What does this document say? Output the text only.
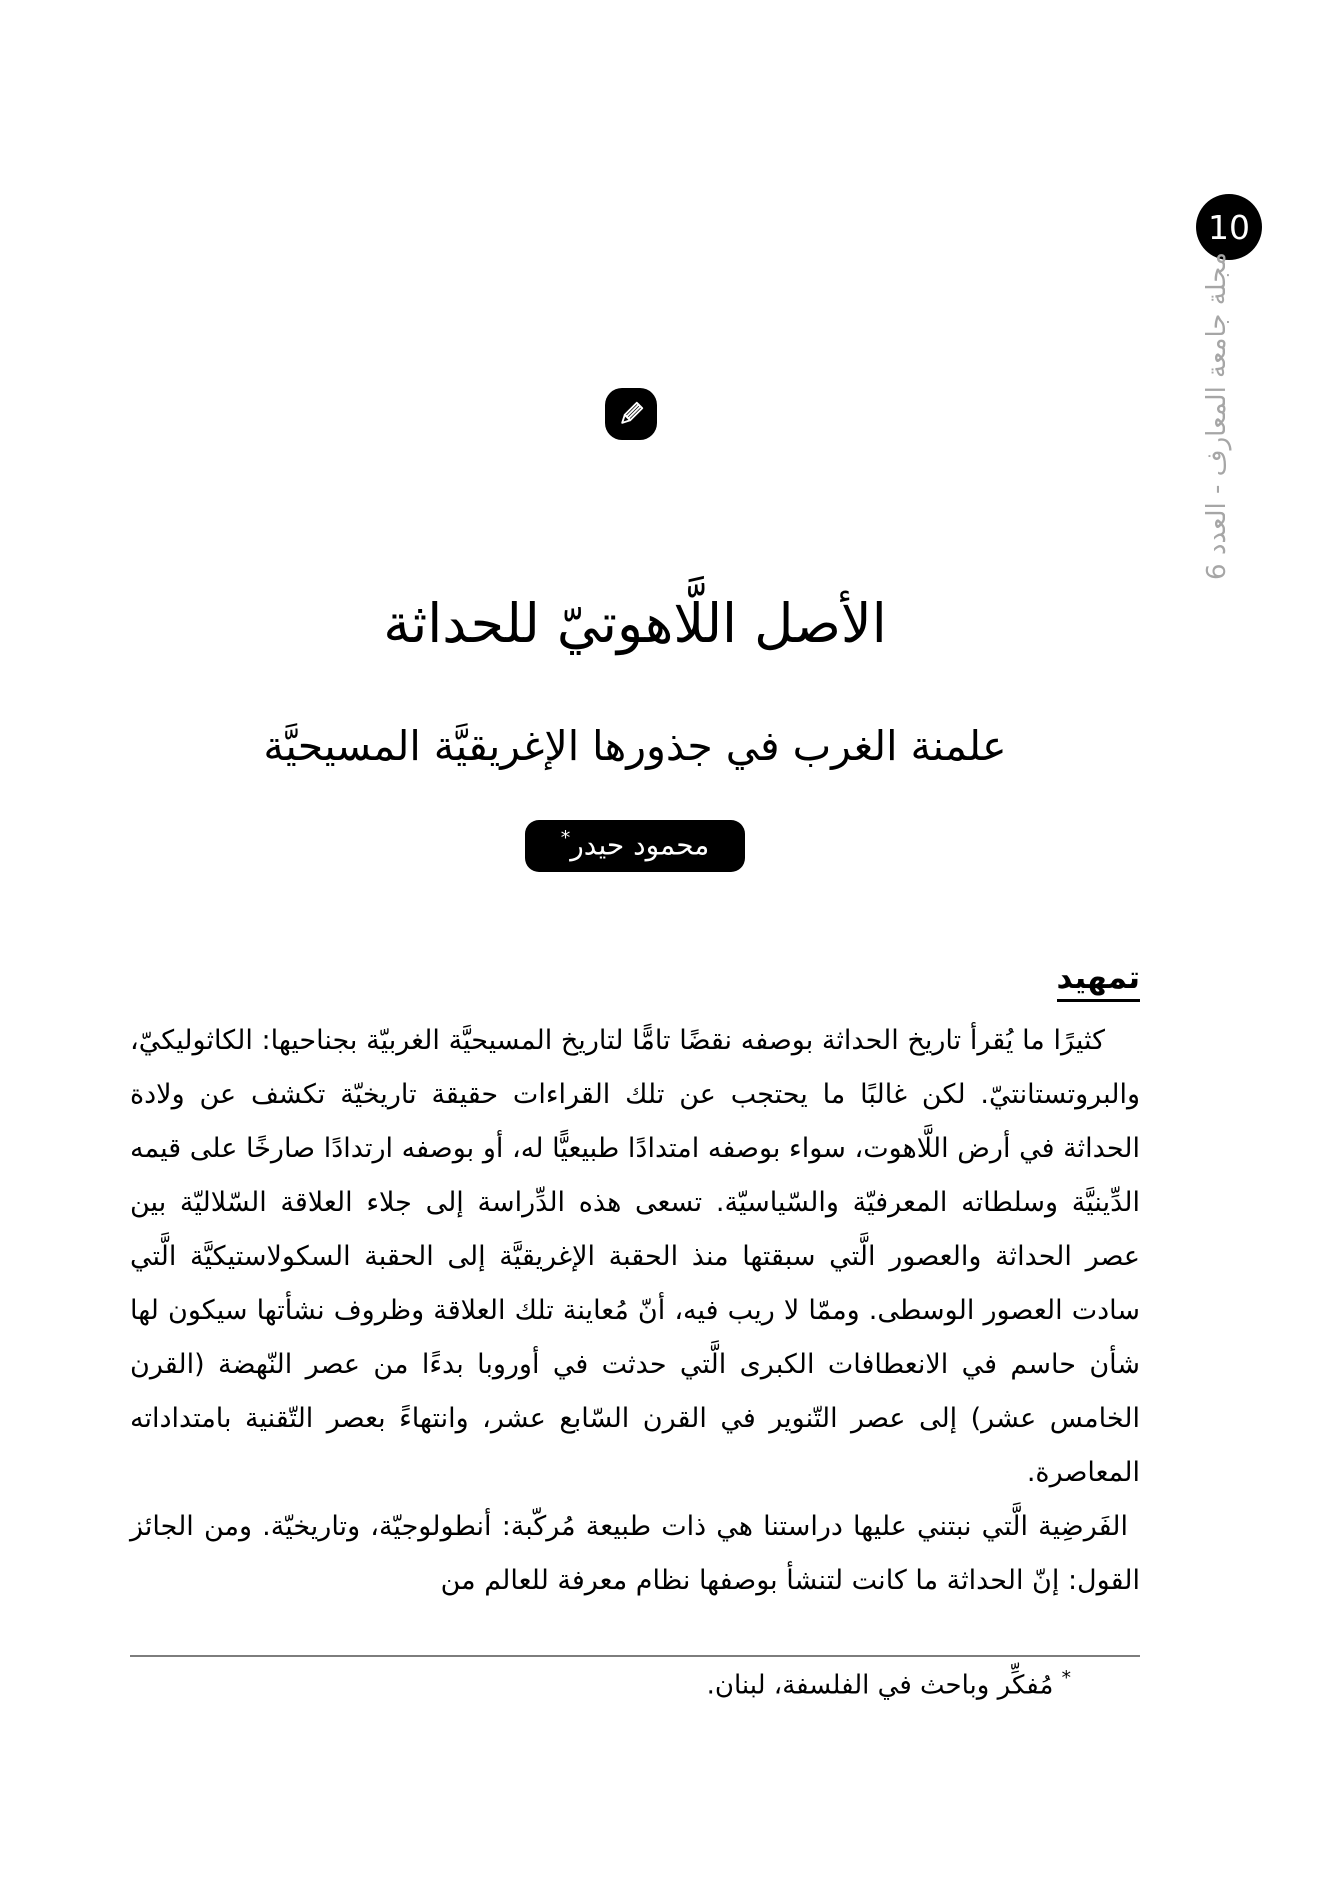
10
مجلة جامعة المعارف - العدد 6
الأصل اللَّاهوتيّ للحداثة
علمنة الغرب في جذورها الإغريقيَّة المسيحيَّة
محمود حيدر*
تمهيد

كثيرًا ما يُقرأ تاريخ الحداثة بوصفه نقضًا تامًّا لتاريخ المسيحيَّة الغربيّة بجناحيها: الكاثوليكيّ، والبروتستانتيّ. لكن غالبًا ما يحتجب عن تلك القراءات حقيقة تاريخيّة تكشف عن ولادة الحداثة في أرض اللَّاهوت، سواء بوصفه امتدادًا طبيعيًّا له، أو بوصفه ارتدادًا صارخًا على قيمه الدِّينيَّة وسلطاته المعرفيّة والسّياسيّة. تسعى هذه الدِّراسة إلى جلاء العلاقة السّلاليّة بين عصر الحداثة والعصور الَّتي سبقتها منذ الحقبة الإغريقيَّة إلى الحقبة السكولاستيكيَّة الَّتي سادت العصور الوسطى. وممّا لا ريب فيه، أنّ مُعاينة تلك العلاقة وظروف نشأتها سيكون لها شأن حاسم في الانعطافات الكبرى الَّتي حدثت في أوروبا بدءًا من عصر النّهضة (القرن الخامس عشر) إلى عصر التّنوير في القرن السّابع عشر، وانتهاءً بعصر التّقنية بامتداداته المعاصرة.

الفَرضِية الَّتي نبتني عليها دراستنا هي ذات طبيعة مُركّبة: أنطولوجيّة، وتاريخيّة. ومن الجائز القول: إنّ الحداثة ما كانت لتنشأ بوصفها نظام معرفة للعالم من

* مُفكِّر وباحث في الفلسفة، لبنان.
